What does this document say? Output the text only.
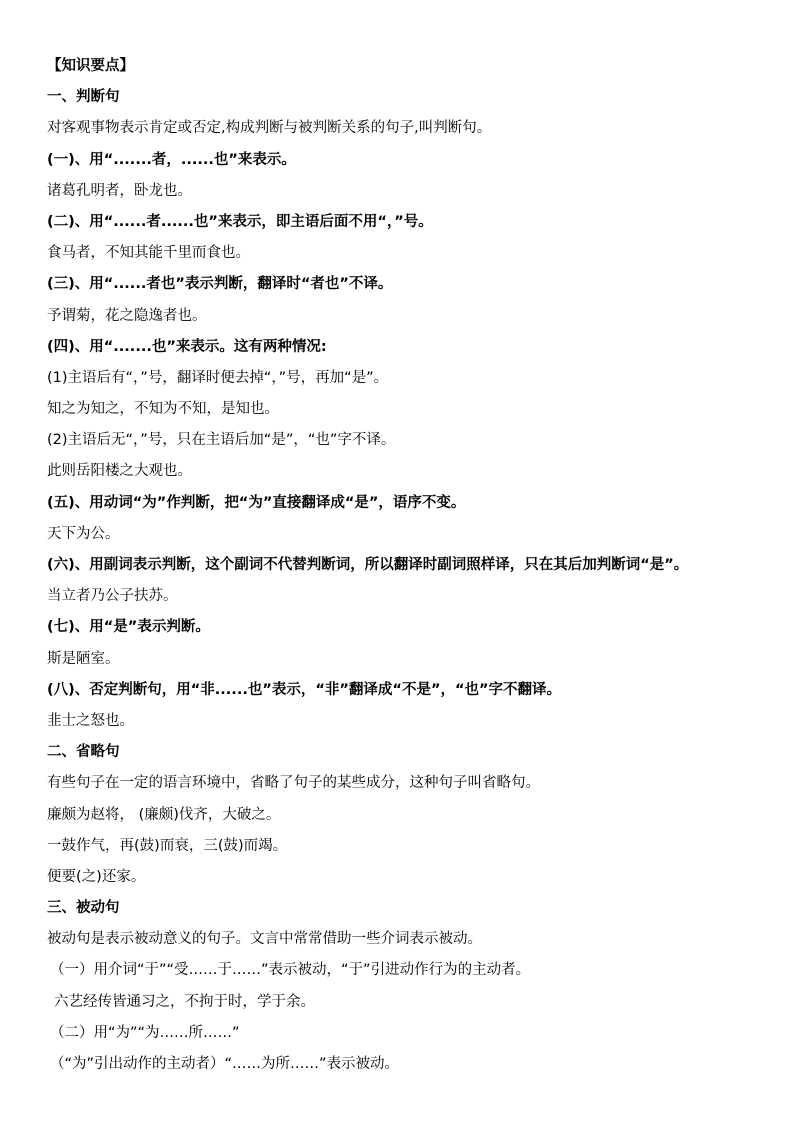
【知识要点】
一、判断句
对客观事物表示肯定或否定,构成判断与被判断关系的句子,叫判断句。
(一)、用“.......者，......也”来表示。
诸葛孔明者，卧龙也。
(二)、用“......者......也”来表示，即主语后面不用“，”号。
食马者，不知其能千里而食也。
(三)、用“......者也”表示判断，翻译时“者也”不译。
予谓菊，花之隐逸者也。
(四)、用“.......也”来表示。这有两种情况:
(1)主语后有“，”号，翻译时便去掉“，”号，再加“是”。
知之为知之，不知为不知，是知也。
(2)主语后无“，”号，只在主语后加“是”，“也”字不译。
此则岳阳楼之大观也。
(五)、用动词“为”作判断，把“为”直接翻译成“是”，语序不变。
天下为公。
(六)、用副词表示判断，这个副词不代替判断词，所以翻译时副词照样译，只在其后加判断词“是”。
当立者乃公子扶苏。
(七)、用“是”表示判断。
斯是陋室。
(八)、否定判断句，用“非......也”表示，“非”翻译成“不是”，“也”字不翻译。
韭士之怒也。
二、省略句
有些句子在一定的语言环境中，省略了句子的某些成分，这种句子叫省略句。
廉颇为赵将， (廉颇)伐齐，大破之。
一鼓作气，再(鼓)而衰，三(鼓)而竭。
便要(之)还家。
三、被动句
被动句是表示被动意义的句子。文言中常常借助一些介词表示被动。
（一）用介词“于”“受……于……”表示被动，“于”引进动作行为的主动者。
六艺经传皆通习之，不拘于时，学于余。
（二）用“为”“为……所……”
（“为”引出动作的主动者）“……为所……”表示被动。
